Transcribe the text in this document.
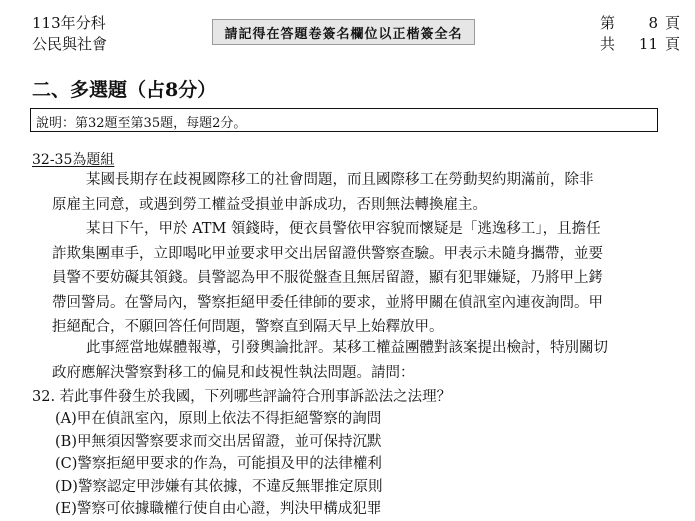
113年分科
公民與社會
請記得在答題卷簽名欄位以正楷簽全名
第	8 頁
共	11 頁
二、多選題（占8分）
說明：第32題至第35題，每題2分。
32-35為題組
某國長期存在歧視國際移工的社會問題，而且國際移工在勞動契約期滿前，除非
原雇主同意，或遇到勞工權益受損並申訴成功，否則無法轉換雇主。
某日下午，甲於 ATM 領錢時，便衣員警依甲容貌而懷疑是「逃逸移工」，且擔任
詐欺集團車手，立即喝叱甲並要求甲交出居留證供警察查驗。甲表示未隨身攜帶，並要
員警不要妨礙其領錢。員警認為甲不服從盤查且無居留證，顯有犯罪嫌疑，乃將甲上銬
帶回警局。在警局內，警察拒絕甲委任律師的要求，並將甲關在偵訊室內連夜詢問。甲
拒絕配合，不願回答任何問題，警察直到隔天早上始釋放甲。
此事經當地媒體報導，引發輿論批評。某移工權益團體對該案提出檢討，特別關切
政府應解決警察對移工的偏見和歧視性執法問題。請問：
32. 若此事件發生於我國，下列哪些評論符合刑事訴訟法之法理？
(A)甲在偵訊室內，原則上依法不得拒絕警察的詢問
(B)甲無須因警察要求而交出居留證，並可保持沉默
(C)警察拒絕甲要求的作為，可能損及甲的法律權利
(D)警察認定甲涉嫌有其依據，不違反無罪推定原則
(E)警察可依據職權行使自由心證，判決甲構成犯罪
